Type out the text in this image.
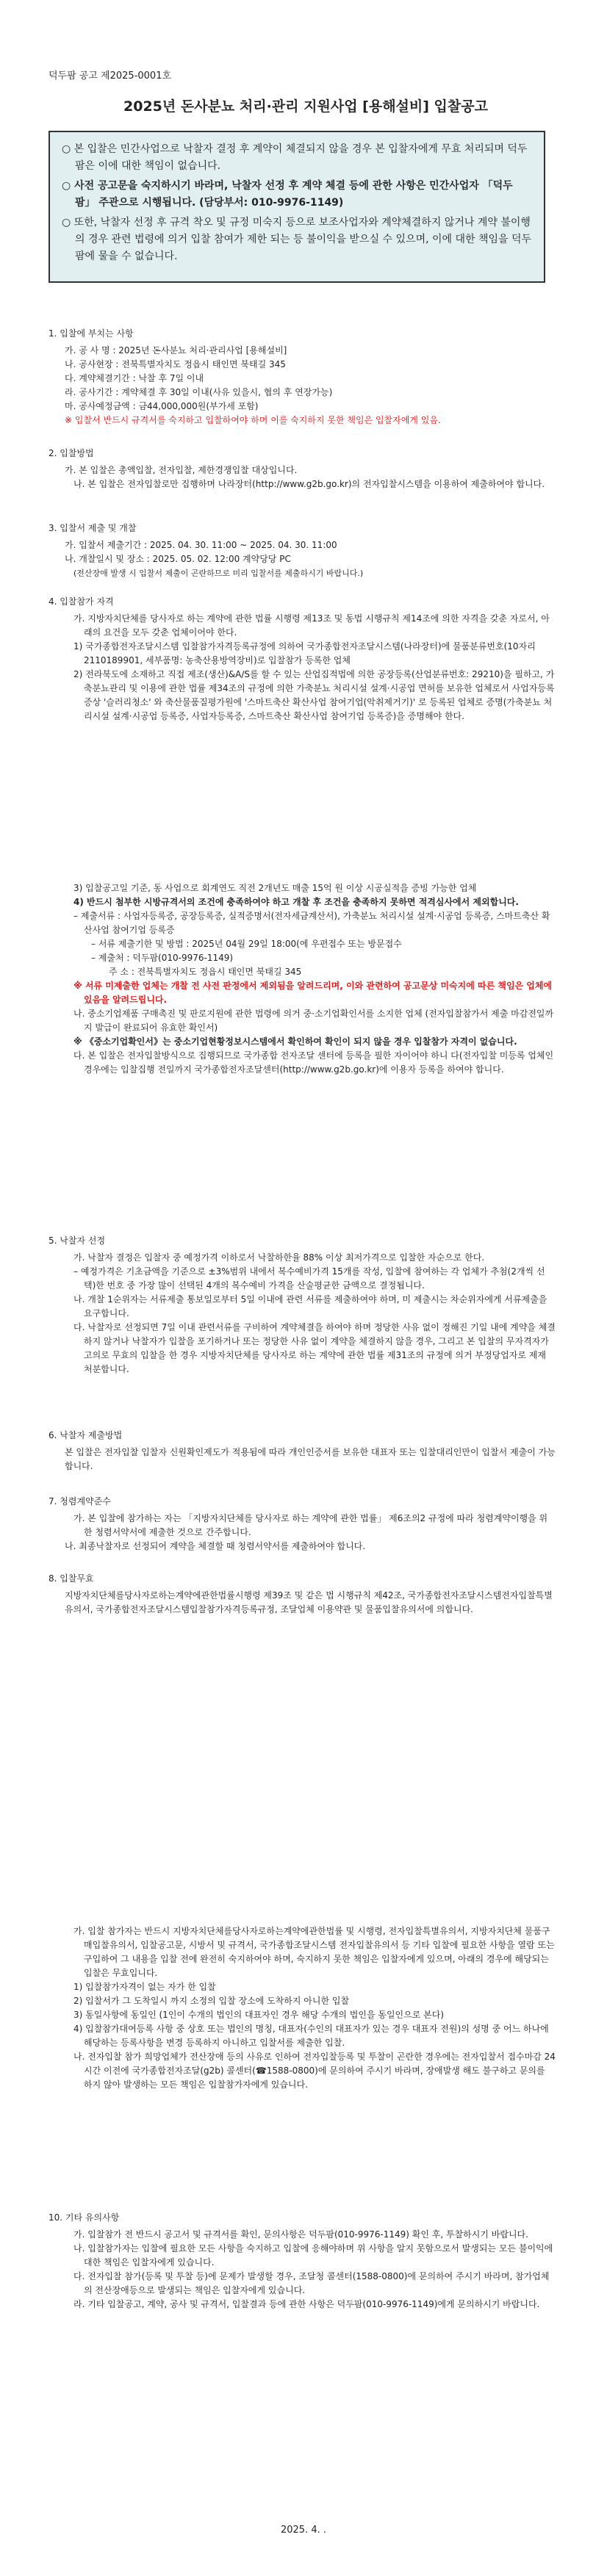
덕두팜 공고 제2025-0001호
2025년 돈사분뇨 처리·관리 지원사업 [용해설비] 입찰공고
○ 본 입찰은 민간사업으로 낙찰자 결정 후 계약이 체결되지 않을 경우 본 입찰자에게 무효 처리되며 덕두팜은 이에 대한 책임이 없습니다.
○ 사전 공고문을 숙지하시기 바라며, 낙찰자 선정 후 계약 체결 등에 관한 사항은 민간사업자 「덕두팜」 주관으로 시행됩니다. (담당부서: 010-9976-1149)
○ 또한, 낙찰자 선정 후 규격 착오 및 규정 미숙지 등으로 보조사업자와 계약체결하지 않거나 계약 불이행의 경우 관련 법령에 의거 입찰 참여가 제한 되는 등 불이익을 받으실 수 있으며, 이에 대한 책임을 덕두팜에 물을 수 없습니다.
1. 입찰에 부치는 사항
가. 공 사 명 : 2025년 돈사분뇨 처리·관리사업 [용해설비]
나. 공사현장 : 전북특별자치도 정읍시 태인면 북태길 345
다. 계약체결기간 : 낙찰 후 7일 이내
라. 공사기간 : 계약체결 후 30일 이내(사유 있을시, 협의 후 연장가능)
마. 공사예정금액 : 금44,000,000원(부가세 포함)
※ 입찰서 반드시 규격서를 숙지하고 입찰하여야 하며 이를 숙지하지 못한 책임은 입찰자에게 있음.
2. 입찰방법
가. 본 입찰은 총액입찰, 전자입찰, 제한경쟁입찰 대상입니다.
나. 본 입찰은 전자입찰로만 집행하며 나라장터(http://www.g2b.go.kr)의 전자입찰시스템을 이용하여 제출하여야 합니다.
3. 입찰서 제출 및 개찰
가. 입찰서 제출기간 : 2025. 04. 30. 11:00 ~ 2025. 04. 30. 11:00
나. 개찰일시 및 장소 : 2025. 05. 02. 12:00 계약당당 PC
(전산장애 발생 시 입찰서 제출이 곤란하므로 미리 입찰서를 제출하시기 바랍니다.)
4. 입찰참가 자격
가. 지방자치단체를 당사자로 하는 계약에 관한 법률 시행령 제13조 및 동법 시행규칙 제14조에 의한 자격을 갖춘 자로서, 아래의 요건을 모두 갖춘 업체이어야 한다.
1) 국가종합전자조달시스템 입찰참가자격등록규정에 의하여 국가종합전자조달시스템(나라장터)에 물품분류번호(10자리 2110189901, 세부품명: 농축산용방역장비)로 입찰참가 등록한 업체
2) 전라북도에 소재하고 직접 제조(생산)&A/S를 할 수 있는 산업집적법에 의한 공장등록(산업분류번호: 29210)을 필하고, 가축분뇨관리 및 이용에 관한 법률 제34조의 규정에 의한 가축분뇨 처리시설 설계·시공업 면허를 보유한 업체로서 사업자등록증상 '슬러리청소' 와 축산물품질평가원에 '스마트축산 확산사업 참여기업(악취제거기)' 로 등록된 업체로 증명(가축분뇨 처리시설 설계·시공업 등록증, 사업자등록증, 스마트축산 확산사업 참여기업 등록증)을 증명해야 한다.
3) 입찰공고일 기준, 동 사업으로 회계연도 직전 2개년도 매출 15억 원 이상 시공실적을 증빙 가능한 업체
4) 반드시 첨부한 시방규격서의 조건에 충족하여야 하고 개찰 후 조건을 충족하지 못하면 적격심사에서 제외합니다.
– 제출서류 : 사업자등록증, 공장등록증, 실적증명서(전자세금계산서), 가축분뇨 처리시설 설계·시공업 등록증, 스마트축산 확산사업 참여기업 등록증
– 서류 제출기한 및 방법 : 2025년 04월 29일 18:00(에 우편접수 또는 방문접수
– 제출처 : 덕두팜(010-9976-1149)
주 소 : 전북특별자치도 정읍시 태인면 북태길 345
※ 서류 미제출한 업체는 개찰 전 사전 판정에서 제외됨을 알려드리며, 이와 관련하여 공고문상 미숙지에 따른 책임은 업체에 있음을 알려드립니다.
나. 중소기업제품 구매촉진 및 판로지원에 관한 법령에 의거 중·소기업확인서를 소지한 업체 (전자입찰참가서 제출 마감전일까지 발급이 완료되어 유효한 확인서)
※ 《중소기업확인서》는 중소기업현황정보시스템에서 확인하여 확인이 되지 않을 경우 입찰참가 자격이 없습니다.
다. 본 입찰은 전자입찰방식으로 집행되므로 국가종합 전자조달 센터에 등록을 필한 자이어야 하니 다(전자입찰 미등록 업체인 경우에는 입찰집행 전일까지 국가종합전자조달센터(http://www.g2b.go.kr)에 이용자 등록을 하여야 합니다.
5. 낙찰자 선정
가. 낙찰자 결정은 입찰자 중 예정가격 이하로서 낙찰하한율 88% 이상 최저가격으로 입찰한 자순으로 한다.
– 예정가격은 기초금액을 기준으로 ±3%범위 내에서 복수예비가격 15개를 작성, 입찰에 참여하는 각 업체가 추첨(2개씩 선택)한 번호 중 가장 많이 선택된 4개의 복수예비 가격을 산술평균한 금액으로 결정됩니다.
나. 개찰 1순위자는 서류제출 통보일로부터 5일 이내에 관련 서류를 제출하여야 하며, 미 제출시는 차순위자에게 서류제출을 요구합니다.
다. 낙찰자로 선정되면 7일 이내 관련서류를 구비하여 계약체결을 하여야 하며 정당한 사유 없이 정해진 기일 내에 계약을 체결하지 않거나 낙찰자가 입찰을 포기하거나 또는 정당한 사유 없이 계약을 체결하지 않을 경우, 그리고 본 입찰의 무자격자가 고의로 무효의 입찰을 한 경우 지방자치단체를 당사자로 하는 계약에 관한 법률 제31조의 규정에 의거 부정당업자로 제재 처분합니다.
6. 낙찰자 제출방법
본 입찰은 전자입찰 입찰자 신원확인제도가 적용됨에 따라 개인인증서를 보유한 대표자 또는 입찰대리인만이 입찰서 제출이 가능합니다.
7. 청렴계약준수
가. 본 입찰에 참가하는 자는 「지방자치단체를 당사자로 하는 계약에 관한 법률」 제6조의2 규정에 따라 청렴계약이행을 위한 청렴서약서에 제출한 것으로 간주합니다.
나. 최종낙찰자로 선정되어 계약을 체결할 때 청렴서약서를 제출하여야 합니다.
8. 입찰무효
지방자치단체를당사자로하는계약에관한법률시행령 제39조 및 같은 법 시행규칙 제42조, 국가종합전자조달시스템전자입찰특별유의서, 국가종합전자조달시스템입찰참가자격등록규정, 조달업체 이용약관 및 물품입찰유의서에 의합니다.
가. 입찰 참가자는 반드시 지방자치단체를당사자로하는계약에관한법률 및 시행령, 전자입찰특별유의서, 지방자치단체 물품구매입찰유의서, 입찰공고문, 시방서 및 규격서, 국가종합조달시스템 전자입찰유의서 등 기타 입찰에 필요한 사항을 열람 또는 구입하여 그 내용을 입찰 전에 완전히 숙지하여야 하며, 숙지하지 못한 책임은 입찰자에게 있으며, 아래의 경우에 해당되는 입찰은 무효입니다.
1) 입찰참가자격이 없는 자가 한 입찰
2) 입찰서가 그 도착일시 까지 소정의 입찰 장소에 도착하지 아니한 입찰
3) 동일사항에 동일인 (1인이 수개의 법인의 대표자인 경우 해당 수개의 법인을 동일인으로 본다)
4) 입찰참가대여등록 사항 중 상호 또는 법인의 명칭, 대표자(수인의 대표자가 있는 경우 대표자 전원)의 성명 중 어느 하나에 해당하는 등록사항을 변경 등록하지 아니하고 입찰서를 제출한 입찰.
나. 전자입찰 참가 희망업체가 전산장애 등의 사유로 인하여 전자입찰등록 및 투찰이 곤란한 경우에는 전자입찰서 접수마감 24시간 이전에 국가종합전자조달(g2b) 콜센터(☎1588-0800)에 문의하여 주시기 바라며, 장애발생 해도 불구하고 문의를 하지 않아 발생하는 모든 책임은 입찰참가자에게 있습니다.
10. 기타 유의사항
가. 입찰참가 전 반드시 공고서 및 규격서를 확인, 문의사항은 덕두팜(010-9976-1149) 확인 후, 투찰하시기 바랍니다.
나. 입찰참가자는 입찰에 필요한 모든 사항을 숙지하고 입찰에 응해야하며 위 사항을 알지 못함으로서 발생되는 모든 불이익에 대한 책임은 입찰자에게 있습니다.
다. 전자입찰 참가(등록 및 투찰 등)에 문제가 발생할 경우, 조달청 콜센터(1588-0800)에 문의하여 주시기 바라며, 참가업체의 전산장애등으로 발생되는 책임은 입찰자에게 있습니다.
라. 기타 입찰공고, 계약, 공사 및 규격서, 입찰결과 등에 관한 사항은 덕두팜(010-9976-1149)에게 문의하시기 바랍니다.
2025. 4. .
